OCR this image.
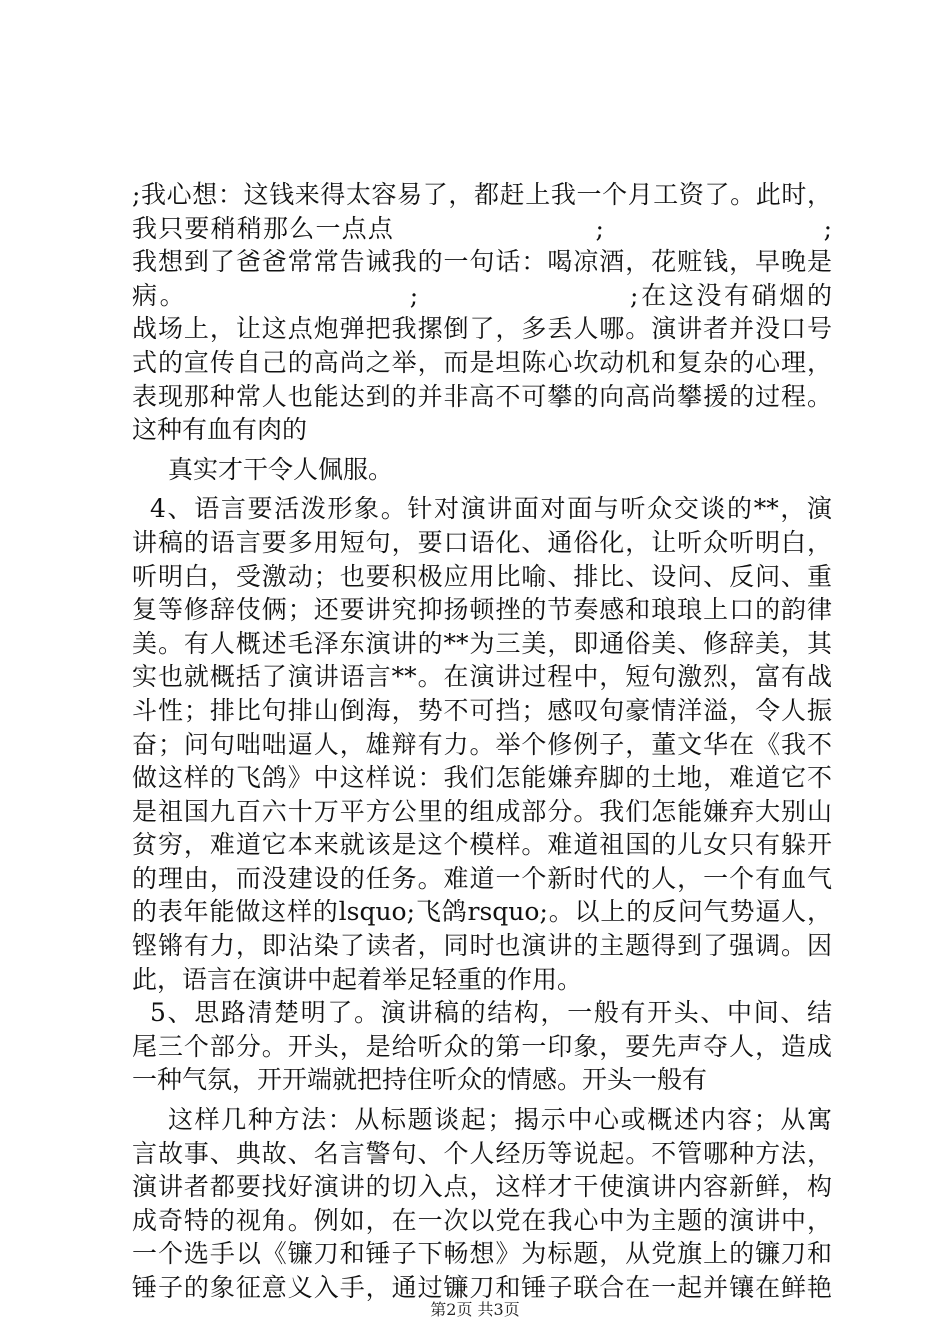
;我心想：这钱来得太容易了，都赶上我一个月工资了。此时，
我只要稍稍那么一点点                      ;                        ;
我想到了爸爸常常告诫我的一句话：喝凉酒，花赃钱，早晚是
病。                     ;                    ;在这没有硝烟的
战场上，让这点炮弹把我摞倒了，多丢人哪。演讲者并没口号
式的宣传自己的高尚之举，而是坦陈心坎动机和复杂的心理，
表现那种常人也能达到的并非高不可攀的向高尚攀援的过程。
这种有血有肉的
真实才干令人佩服。
4、语言要活泼形象。针对演讲面对面与听众交谈的**，演
讲稿的语言要多用短句，要口语化、通俗化，让听众听明白，
听明白，受激动；也要积极应用比喻、排比、设问、反问、重
复等修辞伎俩；还要讲究抑扬顿挫的节奏感和琅琅上口的韵律
美。有人概述毛泽东演讲的**为三美，即通俗美、修辞美，其
实也就概括了演讲语言**。在演讲过程中，短句激烈，富有战
斗性；排比句排山倒海，势不可挡；感叹句豪情洋溢，令人振
奋；问句咄咄逼人，雄辩有力。举个修例子，董文华在《我不
做这样的飞鸽》中这样说：我们怎能嫌弃脚的土地，难道它不
是祖国九百六十万平方公里的组成部分。我们怎能嫌弃大别山
贫穷，难道它本来就该是这个模样。难道祖国的儿女只有躲开
的理由，而没建设的任务。难道一个新时代的人，一个有血气
的表年能做这样的lsquo;飞鸽rsquo;。以上的反问气势逼人，
铿锵有力，即沾染了读者，同时也演讲的主题得到了强调。因
此，语言在演讲中起着举足轻重的作用。
5、思路清楚明了。演讲稿的结构，一般有开头、中间、结
尾三个部分。开头，是给听众的第一印象，要先声夺人，造成
一种气氛，开开端就把持住听众的情感。开头一般有
这样几种方法：从标题谈起；揭示中心或概述内容；从寓
言故事、典故、名言警句、个人经历等说起。不管哪种方法，
演讲者都要找好演讲的切入点，这样才干使演讲内容新鲜，构
成奇特的视角。例如，在一次以党在我心中为主题的演讲中，
一个选手以《镰刀和锤子下畅想》为标题，从党旗上的镰刀和
锤子的象征意义入手，通过镰刀和锤子联合在一起并镶在鲜艳
第2页 共3页
